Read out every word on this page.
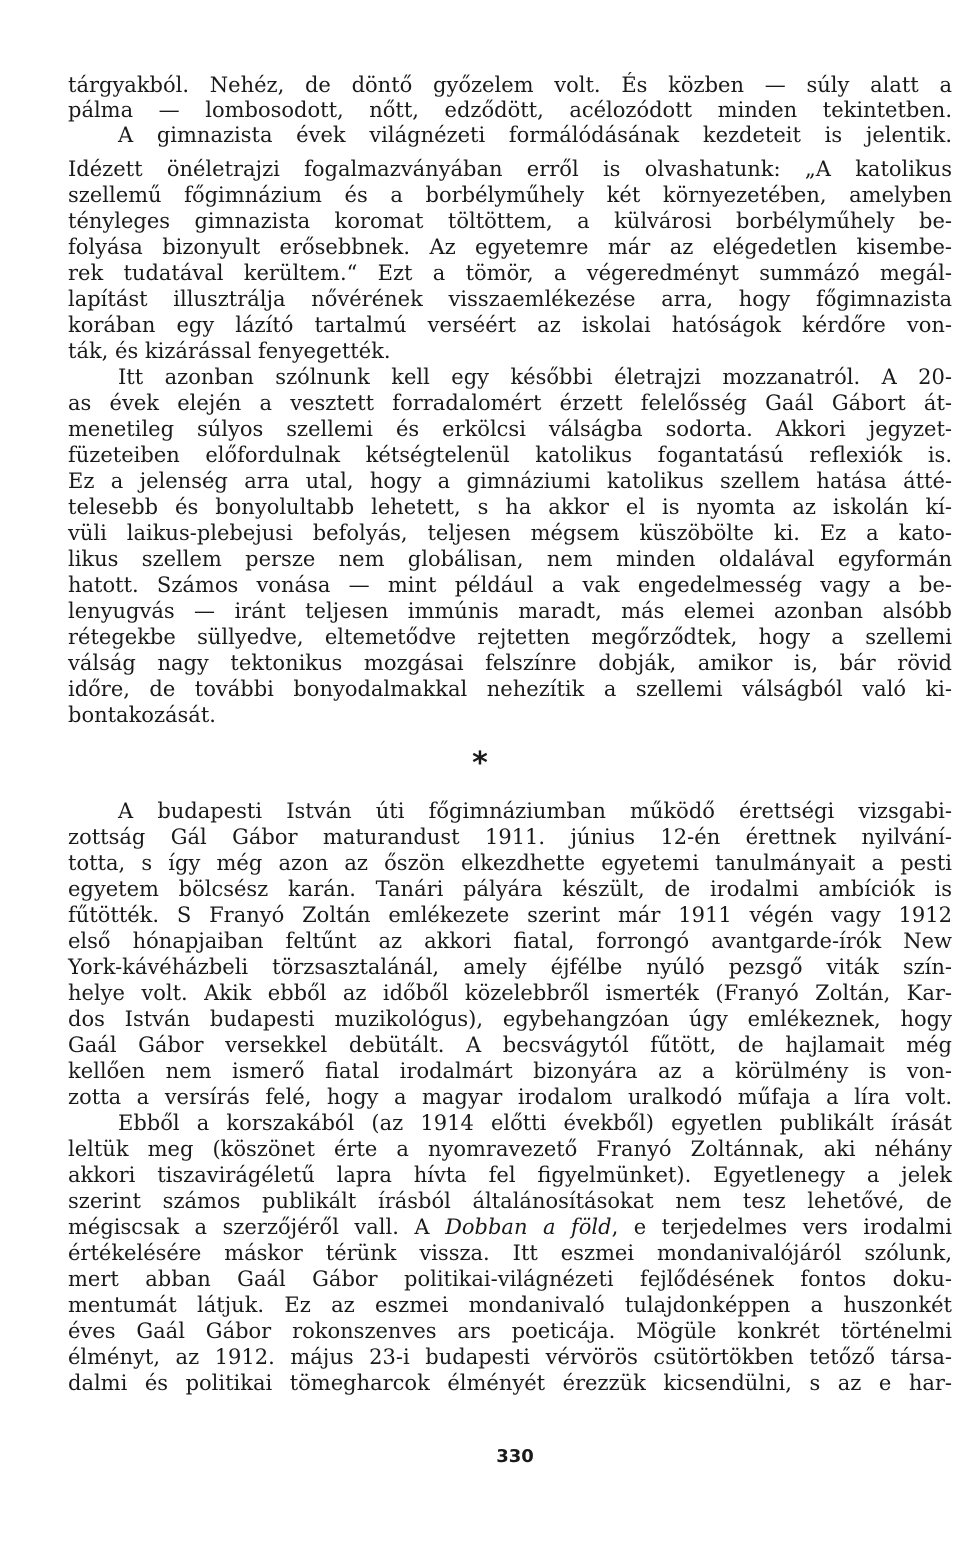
tárgyakból. Nehéz, de döntő győzelem volt. És közben — súly alatt a
pálma — lombosodott, nőtt, edződött, acélozódott minden tekintetben.
A gimnazista évek világnézeti formálódásának kezdeteit is jelentik.
Idézett önéletrajzi fogalmazványában erről is olvashatunk: „A katolikus
szellemű főgimnázium és a borbélyműhely két környezetében, amelyben
tényleges gimnazista koromat töltöttem, a külvárosi borbélyműhely be-
folyása bizonyult erősebbnek. Az egyetemre már az elégedetlen kisembe-
rek tudatával kerültem.“ Ezt a tömör, a végeredményt summázó megál-
lapítást illusztrálja nővérének visszaemlékezése arra, hogy főgimnazista
korában egy lázító tartalmú verséért az iskolai hatóságok kérdőre von-
ták, és kizárással fenyegették.
Itt azonban szólnunk kell egy későbbi életrajzi mozzanatról. A 20-
as évek elején a vesztett forradalomért érzett felelősség Gaál Gábort át-
menetileg súlyos szellemi és erkölcsi válságba sodorta. Akkori jegyzet-
füzeteiben előfordulnak kétségtelenül katolikus fogantatású reflexiók is.
Ez a jelenség arra utal, hogy a gimnáziumi katolikus szellem hatása átté-
telesebb és bonyolultabb lehetett, s ha akkor el is nyomta az iskolán kí-
vüli laikus-plebejusi befolyás, teljesen mégsem küszöbölte ki. Ez a kato-
likus szellem persze nem globálisan, nem minden oldalával egyformán
hatott. Számos vonása — mint például a vak engedelmesség vagy a be-
lenyugvás — iránt teljesen immúnis maradt, más elemei azonban alsóbb
rétegekbe süllyedve, eltemetődve rejtetten megőrződtek, hogy a szellemi
válság nagy tektonikus mozgásai felszínre dobják, amikor is, bár rövid
időre, de további bonyodalmakkal nehezítik a szellemi válságból való ki-
bontakozását.
*
A budapesti István úti főgimnáziumban működő érettségi vizsgabi-
zottság Gál Gábor maturandust 1911. június 12-én érettnek nyilvání-
totta, s így még azon az őszön elkezdhette egyetemi tanulmányait a pesti
egyetem bölcsész karán. Tanári pályára készült, de irodalmi ambíciók is
fűtötték. S Franyó Zoltán emlékezete szerint már 1911 végén vagy 1912
első hónapjaiban feltűnt az akkori fiatal, forrongó avantgarde-írók New
York-kávéházbeli törzsasztalánál, amely éjfélbe nyúló pezsgő viták szín-
helye volt. Akik ebből az időből közelebbről ismerték (Franyó Zoltán, Kar-
dos István budapesti muzikológus), egybehangzóan úgy emlékeznek, hogy
Gaál Gábor versekkel debütált. A becsvágytól fűtött, de hajlamait még
kellően nem ismerő fiatal irodalmárt bizonyára az a körülmény is von-
zotta a versírás felé, hogy a magyar irodalom uralkodó műfaja a líra volt.
Ebből a korszakából (az 1914 előtti évekből) egyetlen publikált írását
leltük meg (köszönet érte a nyomravezető Franyó Zoltánnak, aki néhány
akkori tiszavirágéletű lapra hívta fel figyelmünket). Egyetlenegy a jelek
szerint számos publikált írásból általánosításokat nem tesz lehetővé, de
mégiscsak a szerzőjéről vall. A Dobban a föld, e terjedelmes vers irodalmi
értékelésére máskor térünk vissza. Itt eszmei mondanivalójáról szólunk,
mert abban Gaál Gábor politikai-világnézeti fejlődésének fontos doku-
mentumát látjuk. Ez az eszmei mondanivaló tulajdonképpen a huszonkét
éves Gaál Gábor rokonszenves ars poeticája. Mögüle konkrét történelmi
élményt, az 1912. május 23-i budapesti vérvörös csütörtökben tetőző társa-
dalmi és politikai tömegharcok élményét érezzük kicsendülni, s az e har-
330
